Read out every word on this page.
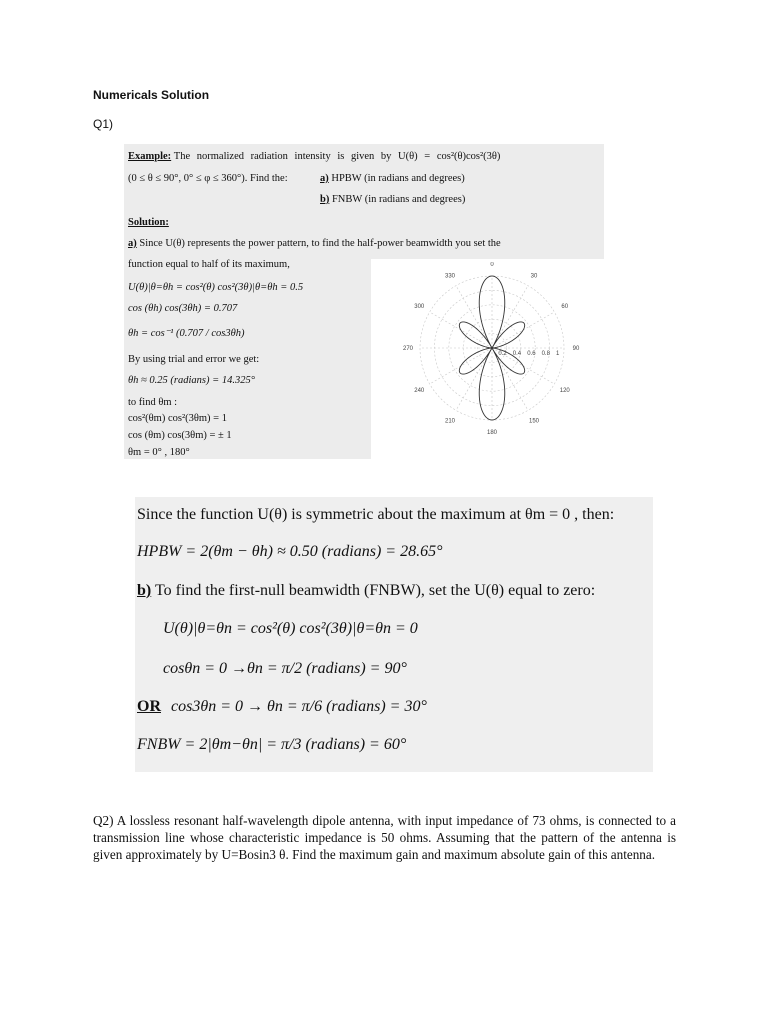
Numericals Solution
Q1)
Example: The normalized radiation intensity is given by U(θ) = cos²(θ)cos²(3θ)
(0 ≤ θ ≤ 90°, 0° ≤ φ ≤ 360°). Find the:	a) HPBW (in radians and degrees)
b) FNBW (in radians and degrees)
Solution:
a) Since U(θ) represents the power pattern, to find the half-power beamwidth you set the
function equal to half of its maximum,
U(θ)|θ=θh = cos²(θ) cos²(3θ)|θ=θh = 0.5
cos (θh) cos(3θh) = 0.707
θh = cos⁻¹ (0.707 / cos3θh)
By using trial and error we get:
θh ≈ 0.25 (radians) = 14.325°
to find θm :
cos²(θm) cos²(3θm) = 1
cos (θm) cos(3θm) = ± 1
θm = 0° , 180°
0.2 0.4 0.6 0.8 1
0
30
60
90
120
150
180
210
240
270
300
330
Since the function U(θ) is symmetric about the maximum at θm = 0 , then:
HPBW = 2(θm − θh) ≈ 0.50 (radians) = 28.65°
b) To find the first-null beamwidth (FNBW), set the U(θ) equal to zero:
U(θ)|θ=θn = cos²(θ) cos²(3θ)|θ=θn = 0
cosθn = 0 →θn = π/2 (radians) = 90°
OR cos3θn = 0 → θn = π/6 (radians) = 30°
FNBW = 2|θm−θn| = π/3 (radians) = 60°
Q2) A lossless resonant half-wavelength dipole antenna, with input impedance of 73 ohms, is connected to a transmission line whose characteristic impedance is 50 ohms. Assuming that the pattern of the antenna is given approximately by U=Bosin3 θ. Find the maximum gain and maximum absolute gain of this antenna.
